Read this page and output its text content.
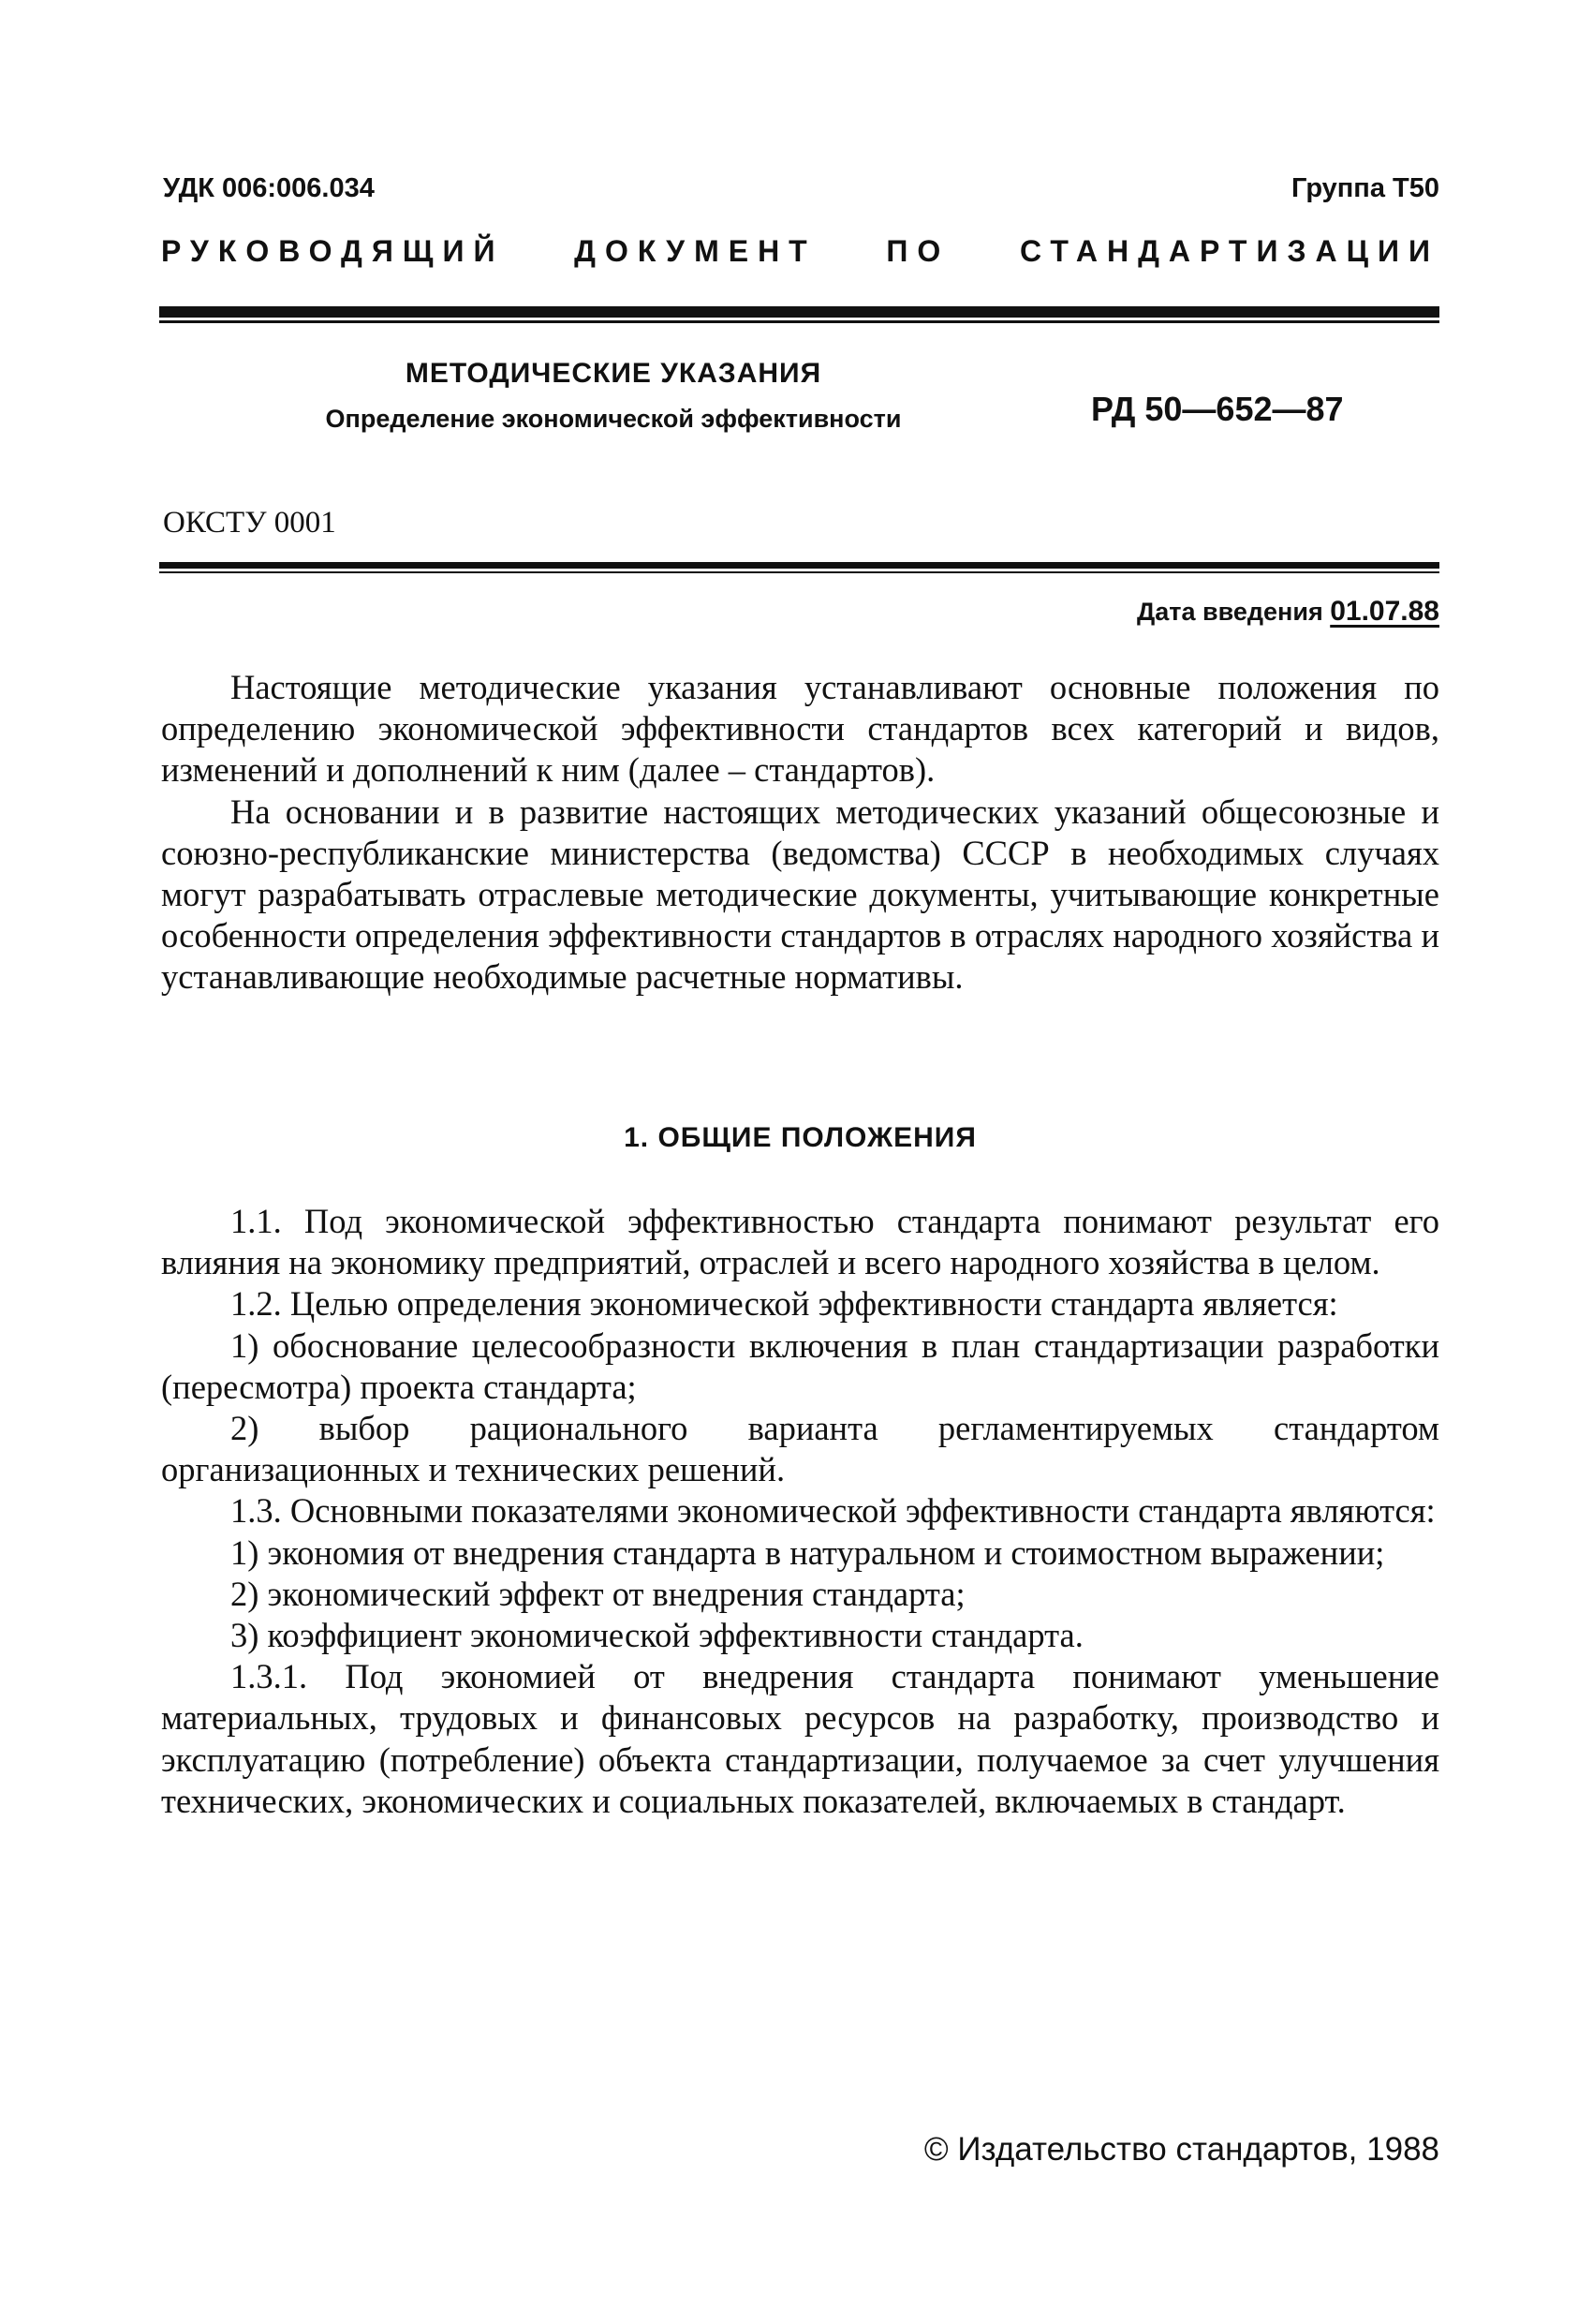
УДК 006:006.034	Группа Т50
РУКОВОДЯЩИЙ ДОКУМЕНТ ПО СТАНДАРТИЗАЦИИ
МЕТОДИЧЕСКИЕ УКАЗАНИЯ
Определение экономической эффективности	РД 50—652—87
ОКСТУ 0001
Дата введения 01.07.88

Настоящие методические указания устанавливают основные положения по определению экономической эффективности стандартов всех категорий и видов, изменений и дополнений к ним (далее – стандартов).

На основании и в развитие настоящих методических указаний общесоюзные и союзно-республиканские министерства (ведомства) СССР в необходимых случаях могут разрабатывать отраслевые методические документы, учитывающие конкретные особенности определения эффективности стандартов в отраслях народного хозяйства и устанавливающие необходимые расчетные нормативы.

1. ОБЩИЕ ПОЛОЖЕНИЯ

1.1. Под экономической эффективностью стандарта понимают результат его влияния на экономику предприятий, отраслей и всего народного хозяйства в целом.

1.2. Целью определения экономической эффективности стандарта является:

1) обоснование целесообразности включения в план стандартизации разработки (пересмотра) проекта стандарта;

2) выбор рационального варианта регламентируемых стандартом организационных и технических решений.

1.3. Основными показателями экономической эффективности стандарта являются:

1) экономия от внедрения стандарта в натуральном и стоимостном выражении;

2) экономический эффект от внедрения стандарта;

3) коэффициент экономической эффективности стандарта.

1.3.1. Под экономией от внедрения стандарта понимают уменьшение материальных, трудовых и финансовых ресурсов на разработку, производство и эксплуатацию (потребление) объекта стандартизации, получаемое за счет улучшения технических, экономических и социальных показателей, включаемых в стандарт.

© Издательство стандартов, 1988
